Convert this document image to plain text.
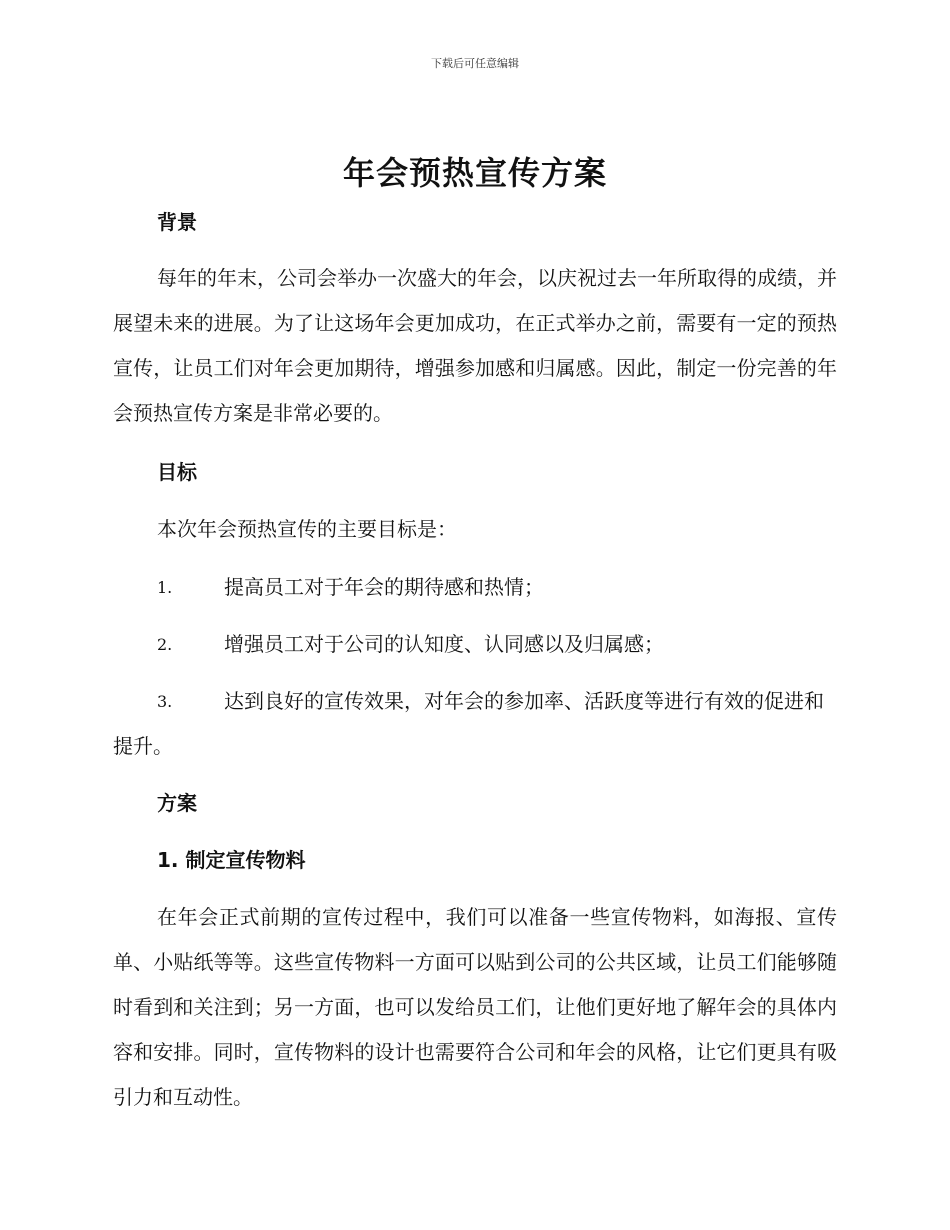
下载后可任意编辑
年会预热宣传方案
背景
每年的年末，公司会举办一次盛大的年会，以庆祝过去一年所取得的成绩，并展望未来的进展。为了让这场年会更加成功，在正式举办之前，需要有一定的预热宣传，让员工们对年会更加期待，增强参加感和归属感。因此，制定一份完善的年会预热宣传方案是非常必要的。
目标
本次年会预热宣传的主要目标是：
1.	提高员工对于年会的期待感和热情；
2.	增强员工对于公司的认知度、认同感以及归属感；
3.	达到良好的宣传效果，对年会的参加率、活跃度等进行有效的促进和提升。
方案
1. 制定宣传物料
在年会正式前期的宣传过程中，我们可以准备一些宣传物料，如海报、宣传单、小贴纸等等。这些宣传物料一方面可以贴到公司的公共区域，让员工们能够随时看到和关注到；另一方面，也可以发给员工们，让他们更好地了解年会的具体内容和安排。同时，宣传物料的设计也需要符合公司和年会的风格，让它们更具有吸引力和互动性。
